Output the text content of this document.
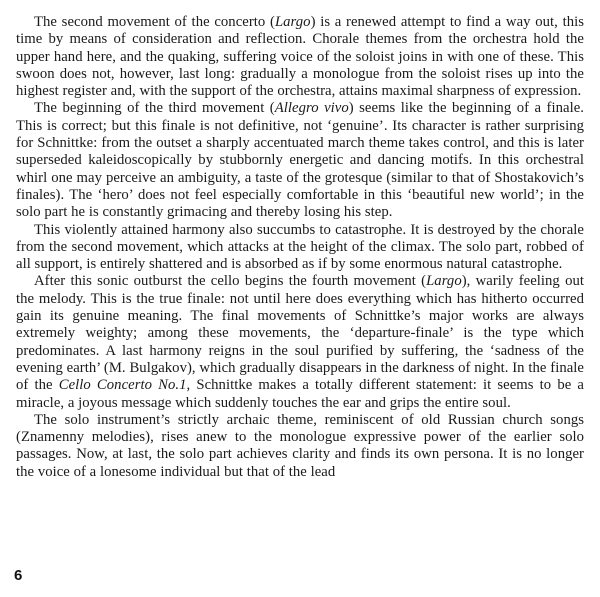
The second movement of the concerto (Largo) is a renewed attempt to find a way out, this time by means of consideration and reflection. Chorale themes from the orchestra hold the upper hand here, and the quaking, suffering voice of the soloist joins in with one of these. This swoon does not, however, last long: gradually a monologue from the soloist rises up into the highest register and, with the support of the orchestra, attains maximal sharpness of expression.

The beginning of the third movement (Allegro vivo) seems like the beginning of a finale. This is correct; but this finale is not definitive, not ‘genuine’. Its character is rather surprising for Schnittke: from the outset a sharply accentuated march theme takes control, and this is later superseded kaleidoscopically by stubbornly energetic and dancing motifs. In this orchestral whirl one may perceive an ambiguity, a taste of the grotesque (similar to that of Shostakovich’s finales). The ‘hero’ does not feel especially comfortable in this ‘beautiful new world’; in the solo part he is constantly grimacing and thereby losing his step.

This violently attained harmony also succumbs to catastrophe. It is destroyed by the chorale from the second movement, which attacks at the height of the climax. The solo part, robbed of all support, is entirely shattered and is absorbed as if by some enormous natural catastrophe.

After this sonic outburst the cello begins the fourth movement (Largo), warily feeling out the melody. This is the true finale: not until here does everything which has hitherto occurred gain its genuine meaning. The final movements of Schnittke’s major works are always extremely weighty; among these movements, the ‘departure-finale’ is the type which predominates. A last harmony reigns in the soul purified by suffering, the ‘sadness of the evening earth’ (M. Bulgakov), which gradually disappears in the darkness of night. In the finale of the Cello Concerto No.1, Schnittke makes a totally different statement: it seems to be a miracle, a joyous message which suddenly touches the ear and grips the entire soul.

The solo instrument’s strictly archaic theme, reminiscent of old Russian church songs (Znamenny melodies), rises anew to the monologue expressive power of the earlier solo passages. Now, at last, the solo part achieves clarity and finds its own persona. It is no longer the voice of a lonesome individual but that of the lead

6
